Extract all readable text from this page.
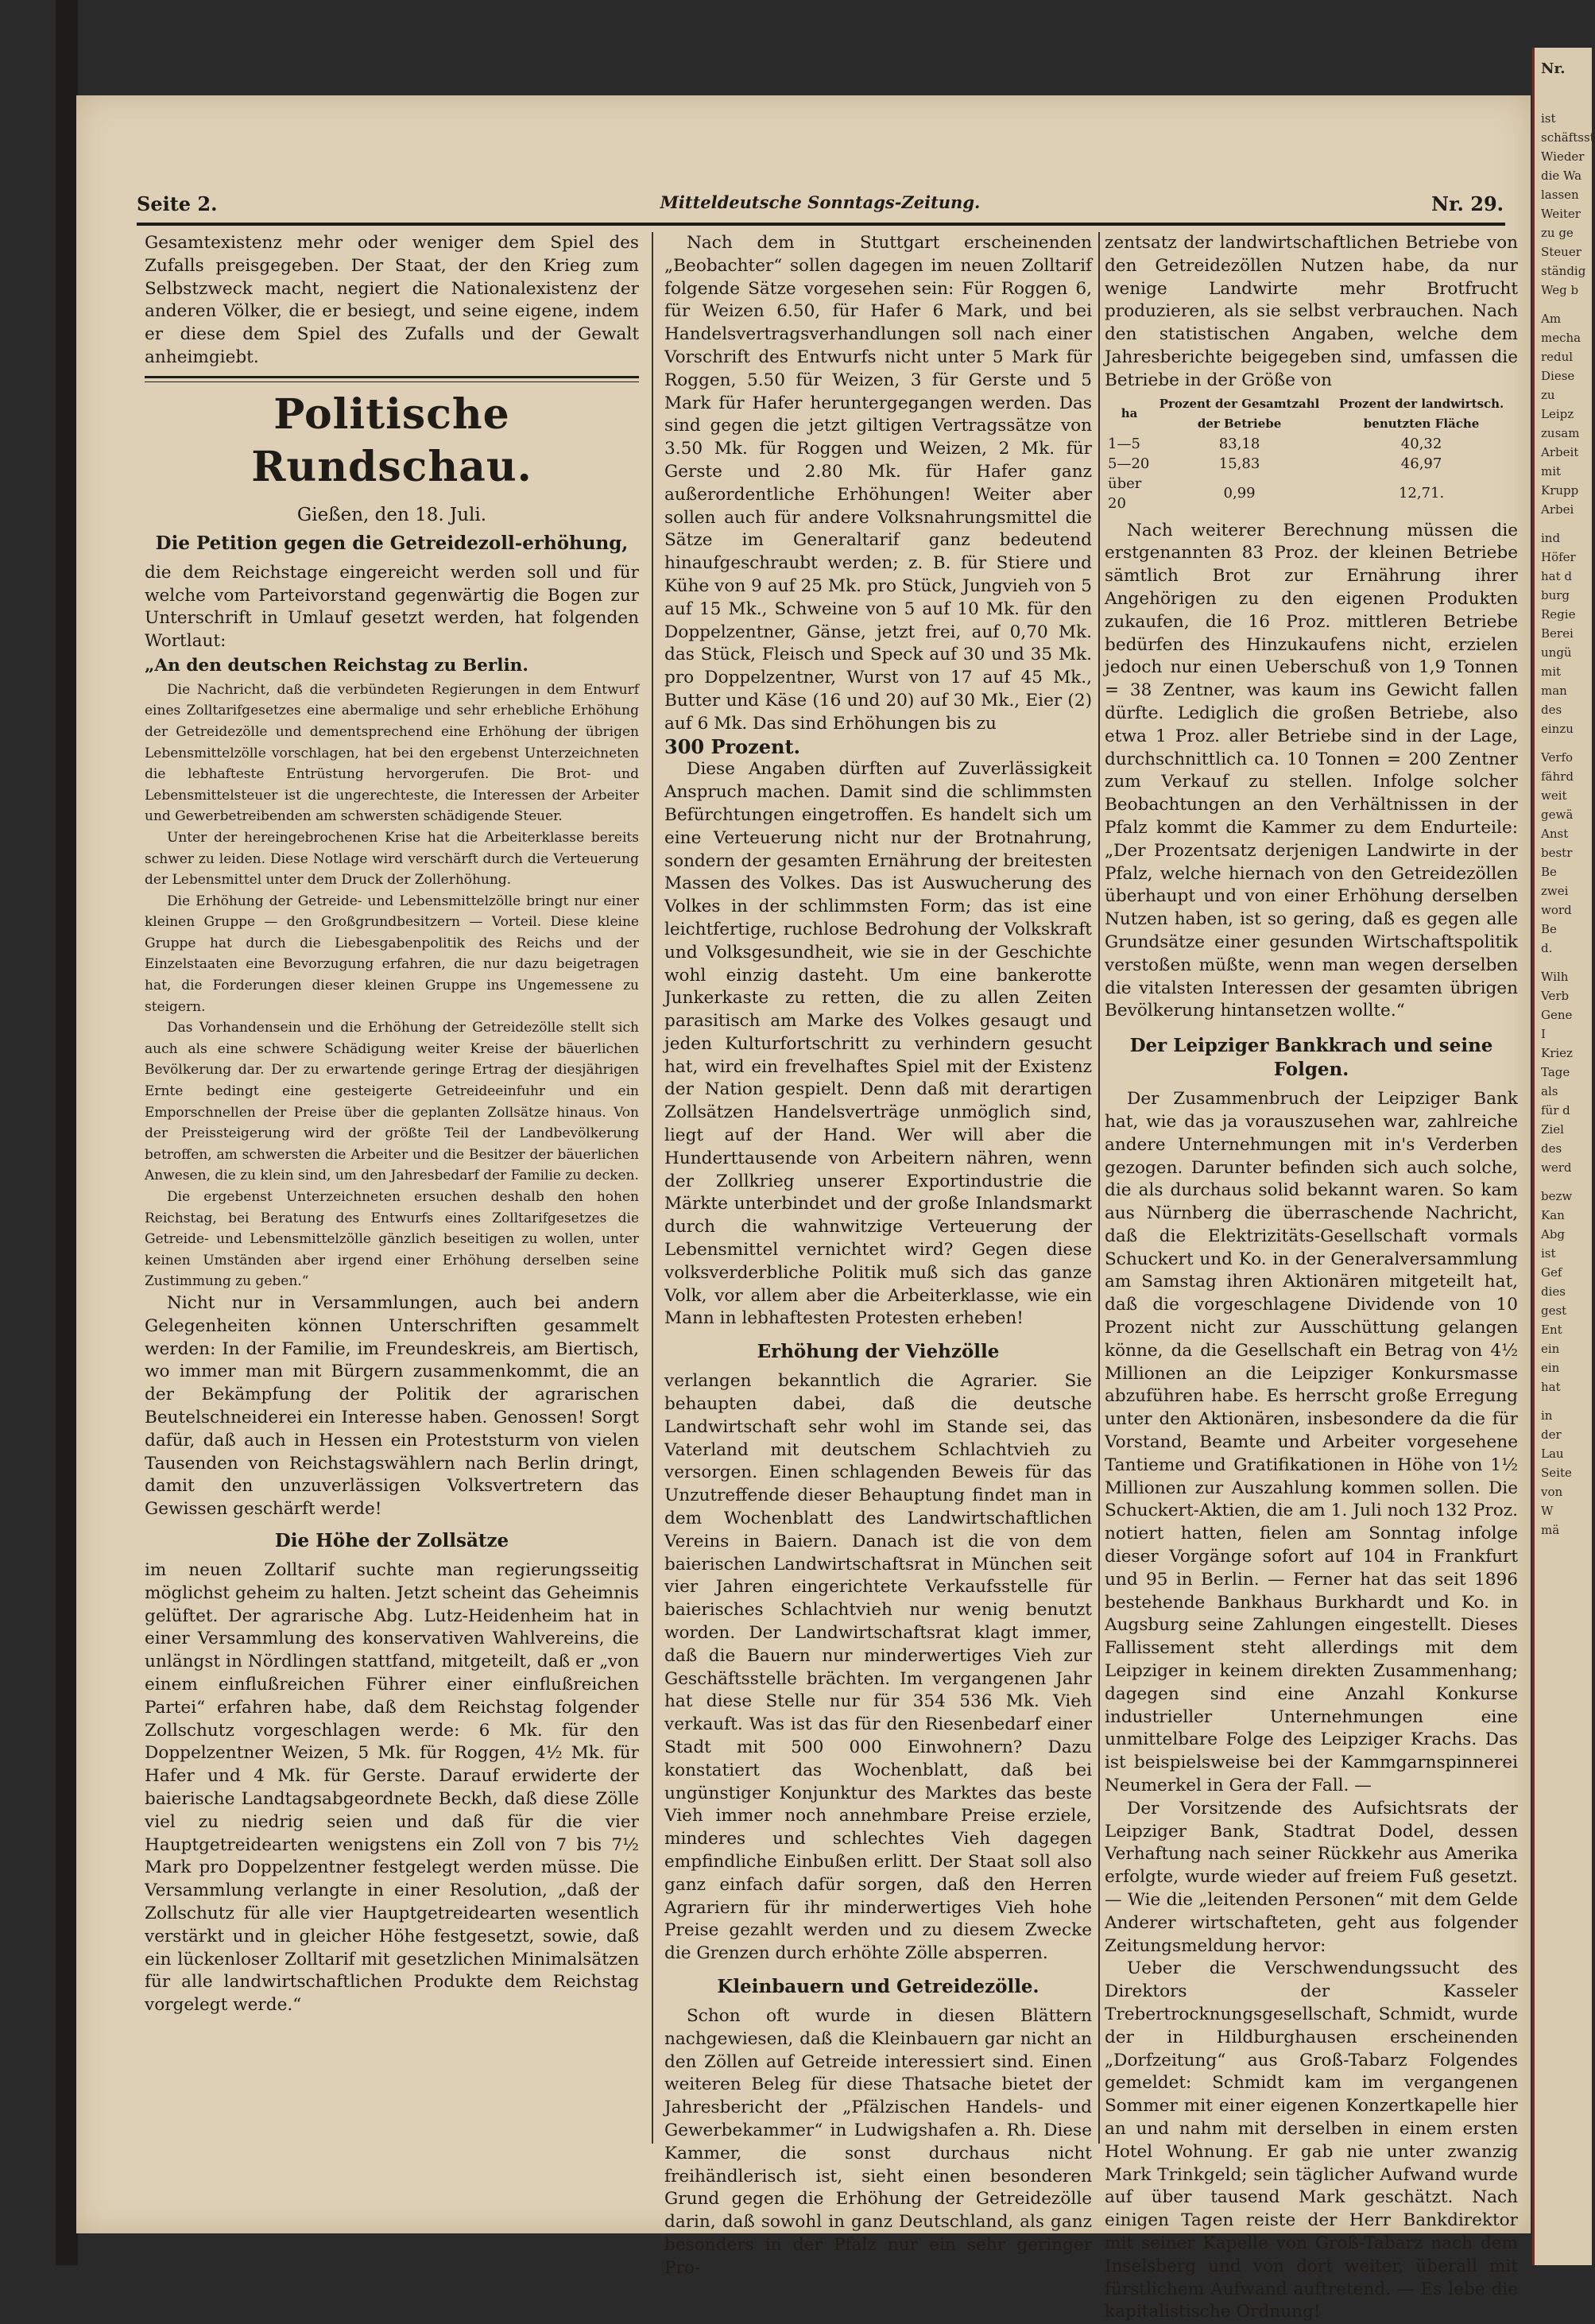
Nr.
ist
schäftsst
Wieder
die Wa
lassen
Weiter
zu ge
Steuer
ständig
Weg b
Am
mecha
redul
Diese
zu
Leipz
zusam
Arbeit
mit
Krupp
Arbei
ind
Höfer
hat d
burg
Regie
Berei
ungü
mit
man
des
einzu
Verfo
fährd
weit
gewä
Anst
bestr
Be
zwei
word
Be
d.
Wilh
Verb
Gene
I
Kriez
Tage
als
für d
Ziel
des
werd
bezw
Kan
Abg
ist
Gef
dies
gest
Ent
ein
ein
hat
in
der
Lau
Seite
von
W
mä
Seite 2.	Mitteldeutsche Sonntags-Zeitung.	Nr. 29.

Gesamtexistenz mehr oder weniger dem Spiel des Zufalls preisgegeben. Der Staat, der den Krieg zum Selbstzweck macht, negiert die Nationalexistenz der anderen Völker, die er besiegt, und seine eigene, indem er diese dem Spiel des Zufalls und der Gewalt anheimgiebt.

Politische Rundschau.

Gießen, den 18. Juli.

Die Petition gegen die Getreidezoll-erhöhung,

die dem Reichstage eingereicht werden soll und für welche vom Parteivorstand gegenwärtig die Bogen zur Unterschrift in Umlauf gesetzt werden, hat folgenden Wortlaut:

„An den deutschen Reichstag zu Berlin.

Die Nachricht, daß die verbündeten Regierungen in dem Entwurf eines Zolltarifgesetzes eine abermalige und sehr erhebliche Erhöhung der Getreidezölle und dementsprechend eine Erhöhung der übrigen Lebensmittelzölle vorschlagen, hat bei den ergebenst Unterzeichneten die lebhafteste Entrüstung hervorgerufen. Die Brot- und Lebensmittelsteuer ist die ungerechteste, die Interessen der Arbeiter und Gewerbetreibenden am schwersten schädigende Steuer.

Unter der hereingebrochenen Krise hat die Arbeiterklasse bereits schwer zu leiden. Diese Notlage wird verschärft durch die Verteuerung der Lebensmittel unter dem Druck der Zollerhöhung.

Die Erhöhung der Getreide- und Lebensmittelzölle bringt nur einer kleinen Gruppe — den Großgrundbesitzern — Vorteil. Diese kleine Gruppe hat durch die Liebesgabenpolitik des Reichs und der Einzelstaaten eine Bevorzugung erfahren, die nur dazu beigetragen hat, die Forderungen dieser kleinen Gruppe ins Ungemessene zu steigern.

Das Vorhandensein und die Erhöhung der Getreidezölle stellt sich auch als eine schwere Schädigung weiter Kreise der bäuerlichen Bevölkerung dar. Der zu erwartende geringe Ertrag der diesjährigen Ernte bedingt eine gesteigerte Getreideeinfuhr und ein Emporschnellen der Preise über die geplanten Zollsätze hinaus. Von der Preissteigerung wird der größte Teil der Landbevölkerung betroffen, am schwersten die Arbeiter und die Besitzer der bäuerlichen Anwesen, die zu klein sind, um den Jahresbedarf der Familie zu decken.

Die ergebenst Unterzeichneten ersuchen deshalb den hohen Reichstag, bei Beratung des Entwurfs eines Zolltarifgesetzes die Getreide- und Lebensmittelzölle gänzlich beseitigen zu wollen, unter keinen Umständen aber irgend einer Erhöhung derselben seine Zustimmung zu geben.“

Nicht nur in Versammlungen, auch bei andern Gelegenheiten können Unterschriften gesammelt werden: In der Familie, im Freundeskreis, am Biertisch, wo immer man mit Bürgern zusammenkommt, die an der Bekämpfung der Politik der agrarischen Beutelschneiderei ein Interesse haben. Genossen! Sorgt dafür, daß auch in Hessen ein Proteststurm von vielen Tausenden von Reichstagswählern nach Berlin dringt, damit den unzuverlässigen Volksvertretern das Gewissen geschärft werde!

Die Höhe der Zollsätze

im neuen Zolltarif suchte man regierungsseitig möglichst geheim zu halten. Jetzt scheint das Geheimnis gelüftet. Der agrarische Abg. Lutz-Heidenheim hat in einer Versammlung des konservativen Wahlvereins, die unlängst in Nördlingen stattfand, mitgeteilt, daß er „von einem einflußreichen Führer einer einflußreichen Partei“ erfahren habe, daß dem Reichstag folgender Zollschutz vorgeschlagen werde: 6 Mk. für den Doppelzentner Weizen, 5 Mk. für Roggen, 4½ Mk. für Hafer und 4 Mk. für Gerste. Darauf erwiderte der baierische Landtagsabgeordnete Beckh, daß diese Zölle viel zu niedrig seien und daß für die vier Hauptgetreidearten wenigstens ein Zoll von 7 bis 7½ Mark pro Doppelzentner festgelegt werden müsse. Die Versammlung verlangte in einer Resolution, „daß der Zollschutz für alle vier Hauptgetreidearten wesentlich verstärkt und in gleicher Höhe festgesetzt, sowie, daß ein lückenloser Zolltarif mit gesetzlichen Minimalsätzen für alle landwirtschaftlichen Produkte dem Reichstag vorgelegt werde.“

Nach dem in Stuttgart erscheinenden „Beobachter“ sollen dagegen im neuen Zolltarif folgende Sätze vorgesehen sein: Für Roggen 6, für Weizen 6.50, für Hafer 6 Mark, und bei Handelsvertragsverhandlungen soll nach einer Vorschrift des Entwurfs nicht unter 5 Mark für Roggen, 5.50 für Weizen, 3 für Gerste und 5 Mark für Hafer heruntergegangen werden. Das sind gegen die jetzt giltigen Vertragssätze von 3.50 Mk. für Roggen und Weizen, 2 Mk. für Gerste und 2.80 Mk. für Hafer ganz außerordentliche Erhöhungen! Weiter aber sollen auch für andere Volksnahrungsmittel die Sätze im Generaltarif ganz bedeutend hinaufgeschraubt werden; z. B. für Stiere und Kühe von 9 auf 25 Mk. pro Stück, Jungvieh von 5 auf 15 Mk., Schweine von 5 auf 10 Mk. für den Doppelzentner, Gänse, jetzt frei, auf 0,70 Mk. das Stück, Fleisch und Speck auf 30 und 35 Mk. pro Doppelzentner, Wurst von 17 auf 45 Mk., Butter und Käse (16 und 20) auf 30 Mk., Eier (2) auf 6 Mk. Das sind Erhöhungen bis zu

300 Prozent.

Diese Angaben dürften auf Zuverlässigkeit Anspruch machen. Damit sind die schlimmsten Befürchtungen eingetroffen. Es handelt sich um eine Verteuerung nicht nur der Brotnahrung, sondern der gesamten Ernährung der breitesten Massen des Volkes. Das ist Auswucherung des Volkes in der schlimmsten Form; das ist eine leichtfertige, ruchlose Bedrohung der Volkskraft und Volksgesundheit, wie sie in der Geschichte wohl einzig dasteht. Um eine bankerotte Junkerkaste zu retten, die zu allen Zeiten parasitisch am Marke des Volkes gesaugt und jeden Kulturfortschritt zu verhindern gesucht hat, wird ein frevelhaftes Spiel mit der Existenz der Nation gespielt. Denn daß mit derartigen Zollsätzen Handelsverträge unmöglich sind, liegt auf der Hand. Wer will aber die Hunderttausende von Arbeitern nähren, wenn der Zollkrieg unserer Exportindustrie die Märkte unterbindet und der große Inlandsmarkt durch die wahnwitzige Verteuerung der Lebensmittel vernichtet wird? Gegen diese volksverderbliche Politik muß sich das ganze Volk, vor allem aber die Arbeiterklasse, wie ein Mann in lebhaftesten Protesten erheben!

Erhöhung der Viehzölle

verlangen bekanntlich die Agrarier. Sie behaupten dabei, daß die deutsche Landwirtschaft sehr wohl im Stande sei, das Vaterland mit deutschem Schlachtvieh zu versorgen. Einen schlagenden Beweis für das Unzutreffende dieser Behauptung findet man in dem Wochenblatt des Landwirtschaftlichen Vereins in Baiern. Danach ist die von dem baierischen Landwirtschaftsrat in München seit vier Jahren eingerichtete Verkaufsstelle für baierisches Schlachtvieh nur wenig benutzt worden. Der Landwirtschaftsrat klagt immer, daß die Bauern nur minderwertiges Vieh zur Geschäftsstelle brächten. Im vergangenen Jahr hat diese Stelle nur für 354 536 Mk. Vieh verkauft. Was ist das für den Riesenbedarf einer Stadt mit 500 000 Einwohnern? Dazu konstatiert das Wochenblatt, daß bei ungünstiger Konjunktur des Marktes das beste Vieh immer noch annehmbare Preise erziele, minderes und schlechtes Vieh dagegen empfindliche Einbußen erlitt. Der Staat soll also ganz einfach dafür sorgen, daß den Herren Agrariern für ihr minderwertiges Vieh hohe Preise gezahlt werden und zu diesem Zwecke die Grenzen durch erhöhte Zölle absperren.

Kleinbauern und Getreidezölle.

Schon oft wurde in diesen Blättern nachgewiesen, daß die Kleinbauern gar nicht an den Zöllen auf Getreide interessiert sind. Einen weiteren Beleg für diese Thatsache bietet der Jahresbericht der „Pfälzischen Handels- und Gewerbekammer“ in Ludwigshafen a. Rh. Diese Kammer, die sonst durchaus nicht freihändlerisch ist, sieht einen besonderen Grund gegen die Erhöhung der Getreidezölle darin, daß sowohl in ganz Deutschland, als ganz besonders in der Pfalz nur ein sehr geringer Pro-

zentsatz der landwirtschaftlichen Betriebe von den Getreidezöllen Nutzen habe, da nur wenige Landwirte mehr Brotfrucht produzieren, als sie selbst verbrauchen. Nach den statistischen Angaben, welche dem Jahresberichte beigegeben sind, umfassen die Betriebe in der Größe von

ha	Prozent der Gesamtzahl der Betriebe	Prozent der landwirtsch. benutzten Fläche
1—5	83,18	40,32
5—20	15,83	46,97
über 20	0,99	12,71.

Nach weiterer Berechnung müssen die erstgenannten 83 Proz. der kleinen Betriebe sämtlich Brot zur Ernährung ihrer Angehörigen zu den eigenen Produkten zukaufen, die 16 Proz. mittleren Betriebe bedürfen des Hinzukaufens nicht, erzielen jedoch nur einen Ueberschuß von 1,9 Tonnen = 38 Zentner, was kaum ins Gewicht fallen dürfte. Lediglich die großen Betriebe, also etwa 1 Proz. aller Betriebe sind in der Lage, durchschnittlich ca. 10 Tonnen = 200 Zentner zum Verkauf zu stellen. Infolge solcher Beobachtungen an den Verhältnissen in der Pfalz kommt die Kammer zu dem Endurteile: „Der Prozentsatz derjenigen Landwirte in der Pfalz, welche hiernach von den Getreidezöllen überhaupt und von einer Erhöhung derselben Nutzen haben, ist so gering, daß es gegen alle Grundsätze einer gesunden Wirtschaftspolitik verstoßen müßte, wenn man wegen derselben die vitalsten Interessen der gesamten übrigen Bevölkerung hintansetzen wollte.“

Der Leipziger Bankkrach und seine Folgen.

Der Zusammenbruch der Leipziger Bank hat, wie das ja vorauszusehen war, zahlreiche andere Unternehmungen mit in's Verderben gezogen. Darunter befinden sich auch solche, die als durchaus solid bekannt waren. So kam aus Nürnberg die überraschende Nachricht, daß die Elektrizitäts-Gesellschaft vormals Schuckert und Ko. in der Generalversammlung am Samstag ihren Aktionären mitgeteilt hat, daß die vorgeschlagene Dividende von 10 Prozent nicht zur Ausschüttung gelangen könne, da die Gesellschaft ein Betrag von 4½ Millionen an die Leipziger Konkursmasse abzuführen habe. Es herrscht große Erregung unter den Aktionären, insbesondere da die für Vorstand, Beamte und Arbeiter vorgesehene Tantieme und Gratifikationen in Höhe von 1½ Millionen zur Auszahlung kommen sollen. Die Schuckert-Aktien, die am 1. Juli noch 132 Proz. notiert hatten, fielen am Sonntag infolge dieser Vorgänge sofort auf 104 in Frankfurt und 95 in Berlin. — Ferner hat das seit 1896 bestehende Bankhaus Burkhardt und Ko. in Augsburg seine Zahlungen eingestellt. Dieses Fallissement steht allerdings mit dem Leipziger in keinem direkten Zusammenhang; dagegen sind eine Anzahl Konkurse industrieller Unternehmungen eine unmittelbare Folge des Leipziger Krachs. Das ist beispielsweise bei der Kammgarnspinnerei Neumerkel in Gera der Fall. —

Der Vorsitzende des Aufsichtsrats der Leipziger Bank, Stadtrat Dodel, dessen Verhaftung nach seiner Rückkehr aus Amerika erfolgte, wurde wieder auf freiem Fuß gesetzt. — Wie die „leitenden Personen“ mit dem Gelde Anderer wirtschafteten, geht aus folgender Zeitungsmeldung hervor:

Ueber die Verschwendungssucht des Direktors der Kasseler Trebertrocknungsgesellschaft, Schmidt, wurde der in Hildburghausen erscheinenden „Dorfzeitung“ aus Groß-Tabarz Folgendes gemeldet: Schmidt kam im vergangenen Sommer mit einer eigenen Konzertkapelle hier an und nahm mit derselben in einem ersten Hotel Wohnung. Er gab nie unter zwanzig Mark Trinkgeld; sein täglicher Aufwand wurde auf über tausend Mark geschätzt. Nach einigen Tagen reiste der Herr Bankdirektor mit seiner Kapelle von Groß-Tabarz nach dem Inselsberg und von dort weiter, überall mit fürstlichem Aufwand auftretend. — Es lebe die kapitalistische Ordnung!
